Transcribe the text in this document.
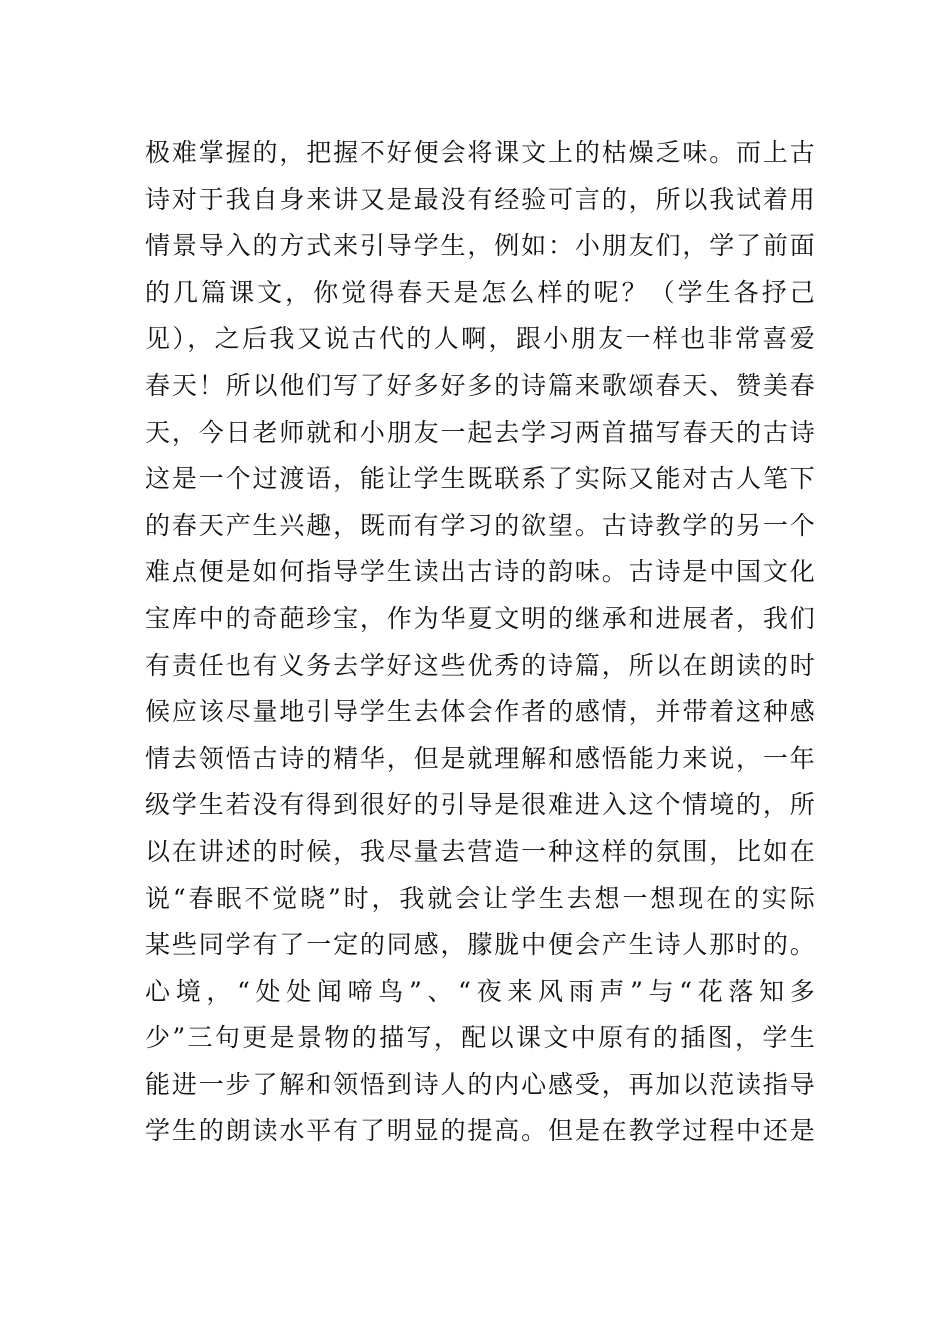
极难掌握的，把握不好便会将课文上的枯燥乏味。而上古
诗对于我自身来讲又是最没有经验可言的，所以我试着用
情景导入的方式来引导学生，例如：小朋友们，学了前面
的几篇课文，你觉得春天是怎么样的呢？（学生各抒己
见），之后我又说古代的人啊，跟小朋友一样也非常喜爱
春天！所以他们写了好多好多的诗篇来歌颂春天、赞美春
天，今日老师就和小朋友一起去学习两首描写春天的古诗
这是一个过渡语，能让学生既联系了实际又能对古人笔下
的春天产生兴趣，既而有学习的欲望。古诗教学的另一个
难点便是如何指导学生读出古诗的韵味。古诗是中国文化
宝库中的奇葩珍宝，作为华夏文明的继承和进展者，我们
有责任也有义务去学好这些优秀的诗篇，所以在朗读的时
候应该尽量地引导学生去体会作者的感情，并带着这种感
情去领悟古诗的精华，但是就理解和感悟能力来说，一年
级学生若没有得到很好的引导是很难进入这个情境的，所
以在讲述的时候，我尽量去营造一种这样的氛围，比如在
说“春眠不觉晓”时，我就会让学生去想一想现在的实际
某些同学有了一定的同感，朦胧中便会产生诗人那时的。
心境，“处处闻啼鸟”、“夜来风雨声”与“花落知多
少”三句更是景物的描写，配以课文中原有的插图，学生
能进一步了解和领悟到诗人的内心感受，再加以范读指导
学生的朗读水平有了明显的提高。但是在教学过程中还是
